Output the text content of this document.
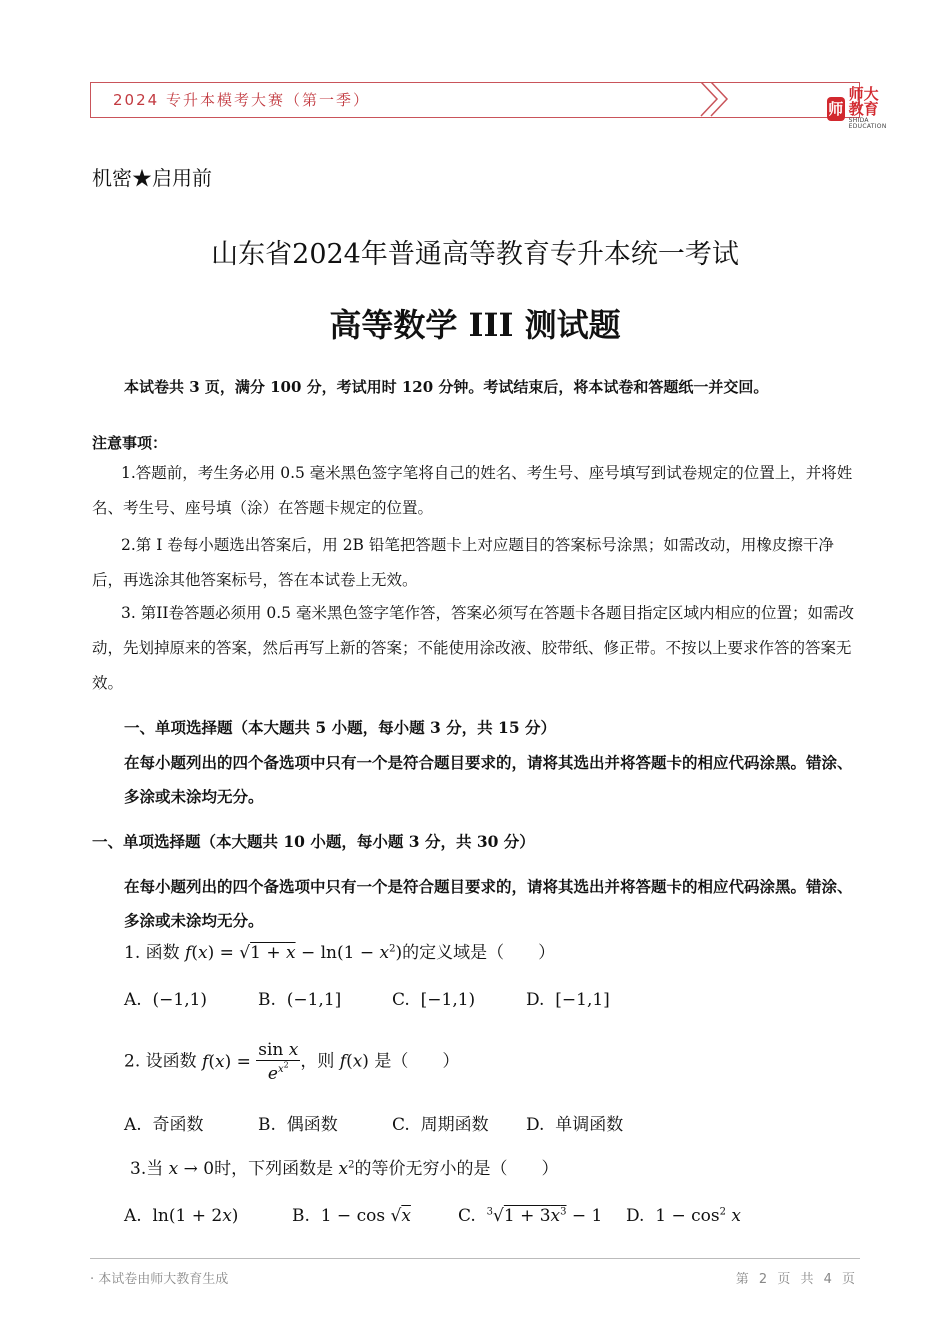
2024 专升本模考大赛（第一季）	师
师大教育
SHIDA EDUCATION
机密★启用前
山东省2024年普通高等教育专升本统一考试
高等数学 III 测试题
本试卷共 3 页，满分 100 分，考试用时 120 分钟。考试结束后，将本试卷和答题纸一并交回。
注意事项：
1.答题前，考生务必用 0.5 毫米黑色签字笔将自己的姓名、考生号、座号填写到试卷规定的位置上，并将姓名、考生号、座号填（涂）在答题卡规定的位置。
2.第 I 卷每小题选出答案后，用 2B 铅笔把答题卡上对应题目的答案标号涂黑；如需改动，用橡皮擦干净后，再选涂其他答案标号，答在本试卷上无效。
3. 第II卷答题必须用 0.5 毫米黑色签字笔作答，答案必须写在答题卡各题目指定区域内相应的位置；如需改动，先划掉原来的答案，然后再写上新的答案；不能使用涂改液、胶带纸、修正带。不按以上要求作答的答案无效。
一、单项选择题（本大题共 5 小题，每小题 3 分，共 15 分）
在每小题列出的四个备选项中只有一个是符合题目要求的，请将其选出并将答题卡的相应代码涂黑。错涂、多涂或未涂均无分。
一、单项选择题（本大题共 10 小题，每小题 3 分，共 30 分）
在每小题列出的四个备选项中只有一个是符合题目要求的，请将其选出并将答题卡的相应代码涂黑。错涂、多涂或未涂均无分。
1. 函数 $f(x) = √1 + x - \ln(1 - x^2)$的定义域是（　　）
A. (−1,1)	B. (−1,1]	C. [−1,1)	D. [−1,1]
2. 设函数 $f(x) = \frac{\text{sin x}}{e^{x^2}}$ ，则 f(x) 是（　　）
A. 奇函数	B. 偶函数	C. 周期函数 D. 单调函数
3.当 x → 0时，下列函数是 $x^2$的等价无穷小的是（　　）
A.  ln(1 + 2x)	B.  1 − cos √x	C. $^3√1 + 3x^3 - 1$ D.  $1 - \cos^2 x$
· 本试卷由师大教育生成	第 2 页 共 4 页
